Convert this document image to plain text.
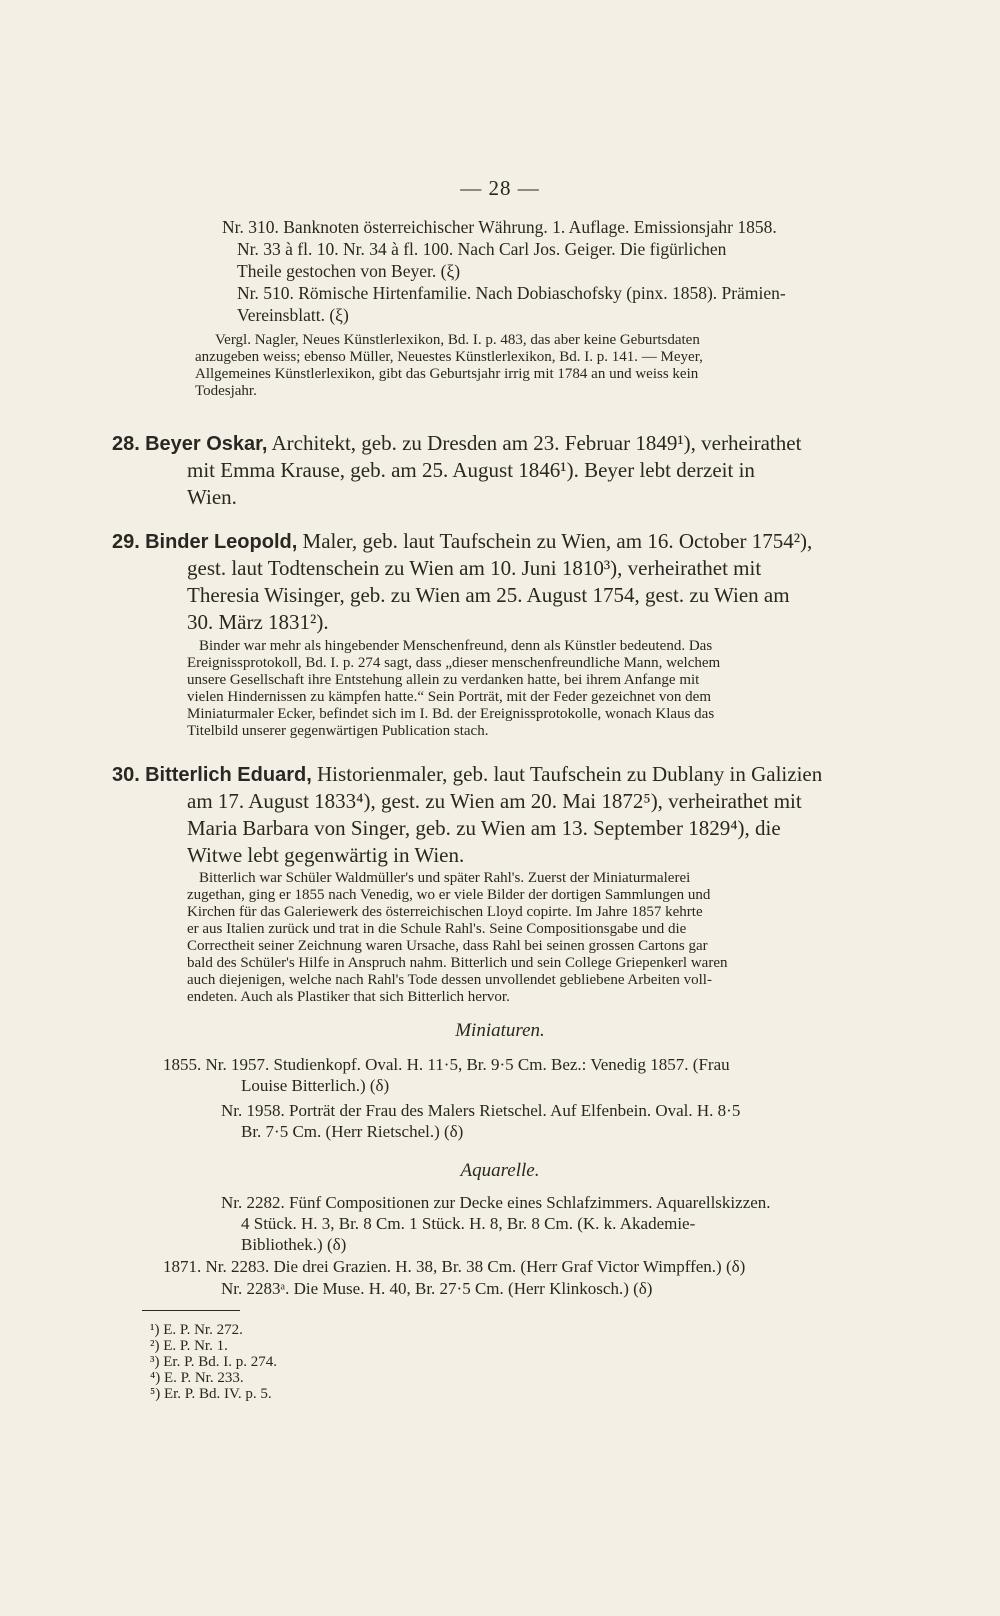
— 28 —
Nr. 310. Banknoten österreichischer Währung. 1. Auflage. Emissionsjahr 1858.
Nr. 33 à fl. 10. Nr. 34 à fl. 100. Nach Carl Jos. Geiger. Die figürlichen
Theile gestochen von Beyer. (ξ)
Nr. 510. Römische Hirtenfamilie. Nach Dobiaschofsky (pinx. 1858). Prämien-
Vereinsblatt. (ξ)
Vergl. Nagler, Neues Künstlerlexikon, Bd. I. p. 483, das aber keine Geburtsdaten
anzugeben weiss; ebenso Müller, Neuestes Künstlerlexikon, Bd. I. p. 141. — Meyer,
Allgemeines Künstlerlexikon, gibt das Geburtsjahr irrig mit 1784 an und weiss kein
Todesjahr.
28. Beyer Oskar, Architekt, geb. zu Dresden am 23. Februar 1849¹), verheirathet
mit Emma Krause, geb. am 25. August 1846¹). Beyer lebt derzeit in
Wien.
29. Binder Leopold, Maler, geb. laut Taufschein zu Wien, am 16. October 1754²),
gest. laut Todtenschein zu Wien am 10. Juni 1810³), verheirathet mit
Theresia Wisinger, geb. zu Wien am 25. August 1754, gest. zu Wien am
30. März 1831²).
Binder war mehr als hingebender Menschenfreund, denn als Künstler bedeutend. Das
Ereignissprotokoll, Bd. I. p. 274 sagt, dass „dieser menschenfreundliche Mann, welchem
unsere Gesellschaft ihre Entstehung allein zu verdanken hatte, bei ihrem Anfange mit
vielen Hindernissen zu kämpfen hatte.“ Sein Porträt, mit der Feder gezeichnet von dem
Miniaturmaler Ecker, befindet sich im I. Bd. der Ereignissprotokolle, wonach Klaus das
Titelbild unserer gegenwärtigen Publication stach.
30. Bitterlich Eduard, Historienmaler, geb. laut Taufschein zu Dublany in Galizien
am 17. August 1833⁴), gest. zu Wien am 20. Mai 1872⁵), verheirathet mit
Maria Barbara von Singer, geb. zu Wien am 13. September 1829⁴), die
Witwe lebt gegenwärtig in Wien.
Bitterlich war Schüler Waldmüller's und später Rahl's. Zuerst der Miniaturmalerei
zugethan, ging er 1855 nach Venedig, wo er viele Bilder der dortigen Sammlungen und
Kirchen für das Galeriewerk des österreichischen Lloyd copirte. Im Jahre 1857 kehrte
er aus Italien zurück und trat in die Schule Rahl's. Seine Compositionsgabe und die
Correctheit seiner Zeichnung waren Ursache, dass Rahl bei seinen grossen Cartons gar
bald des Schüler's Hilfe in Anspruch nahm. Bitterlich und sein College Griepenkerl waren
auch diejenigen, welche nach Rahl's Tode dessen unvollendet gebliebene Arbeiten voll-
endeten. Auch als Plastiker that sich Bitterlich hervor.
Miniaturen.
1855. Nr. 1957. Studienkopf. Oval. H. 11·5, Br. 9·5 Cm. Bez.: Venedig 1857. (Frau
Louise Bitterlich.) (δ)
Nr. 1958. Porträt der Frau des Malers Rietschel. Auf Elfenbein. Oval. H. 8·5
Br. 7·5 Cm. (Herr Rietschel.) (δ)
Aquarelle.
Nr. 2282. Fünf Compositionen zur Decke eines Schlafzimmers. Aquarellskizzen.
4 Stück. H. 3, Br. 8 Cm. 1 Stück. H. 8, Br. 8 Cm. (K. k. Akademie-
Bibliothek.) (δ)
1871. Nr. 2283. Die drei Grazien. H. 38, Br. 38 Cm. (Herr Graf Victor Wimpffen.) (δ)
Nr. 2283ᵃ. Die Muse. H. 40, Br. 27·5 Cm. (Herr Klinkosch.) (δ)
¹) E. P. Nr. 272.
²) E. P. Nr. 1.
³) Er. P. Bd. I. p. 274.
⁴) E. P. Nr. 233.
⁵) Er. P. Bd. IV. p. 5.
